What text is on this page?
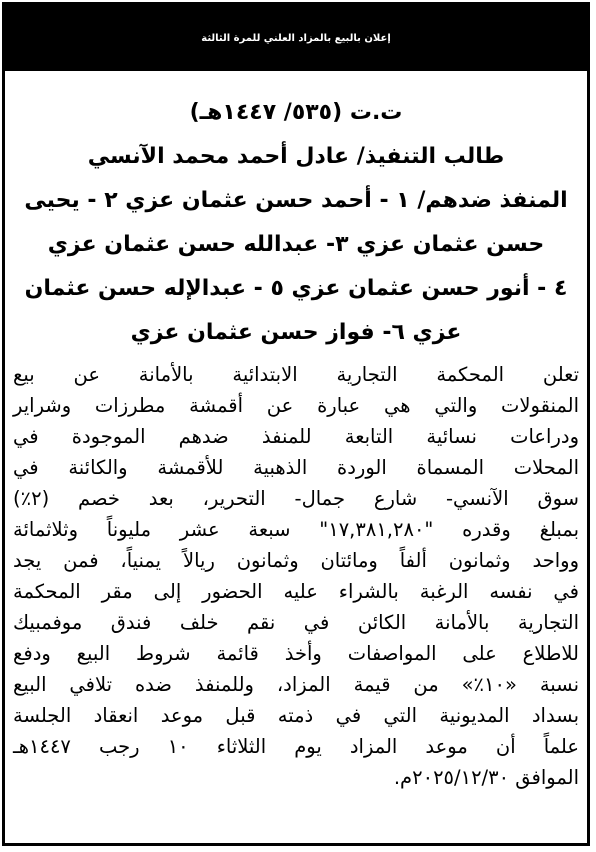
إعلان بالبيع بالمزاد العلني للمرة الثالثة
ت.ت (٥٣٥/ ١٤٤٧هـ)
طالب التنفيذ/ عادل أحمد محمد الآنسي
المنفذ ضدهم/ ١ - أحمد حسن عثمان عزي ٢ - يحيى
حسن عثمان عزي ٣- عبدالله حسن عثمان عزي
٤ - أنور حسن عثمان عزي ٥ - عبدالإله حسن عثمان
عزي ٦- فواز حسن عثمان عزي
تعلن المحكمة التجارية الابتدائية بالأمانة عن بيع
المنقولات والتي هي عبارة عن أقمشة مطرزات وشراير
ودراعات نسائية التابعة للمنفذ ضدهم الموجودة في
المحلات المسماة الوردة الذهبية للأقمشة والكائنة في
سوق الآنسي- شارع جمال- التحرير، بعد خصم (٢٪)
بمبلغ وقدره "١٧,٣٨١,٢٨٠" سبعة عشر مليوناً وثلاثمائة
وواحد وثمانون ألفاً ومائتان وثمانون ريالاً يمنياً، فمن يجد
في نفسه الرغبة بالشراء عليه الحضور إلى مقر المحكمة
التجارية بالأمانة الكائن في نقم خلف فندق موفمبيك
للاطلاع على المواصفات وأخذ قائمة شروط البيع ودفع
نسبة «١٠٪» من قيمة المزاد، وللمنفذ ضده تلافي البيع
بسداد المديونية التي في ذمته قبل موعد انعقاد الجلسة
علماً أن موعد المزاد يوم الثلاثاء ١٠ رجب ١٤٤٧هـ
الموافق ٢٠٢٥/١٢/٣٠م.
